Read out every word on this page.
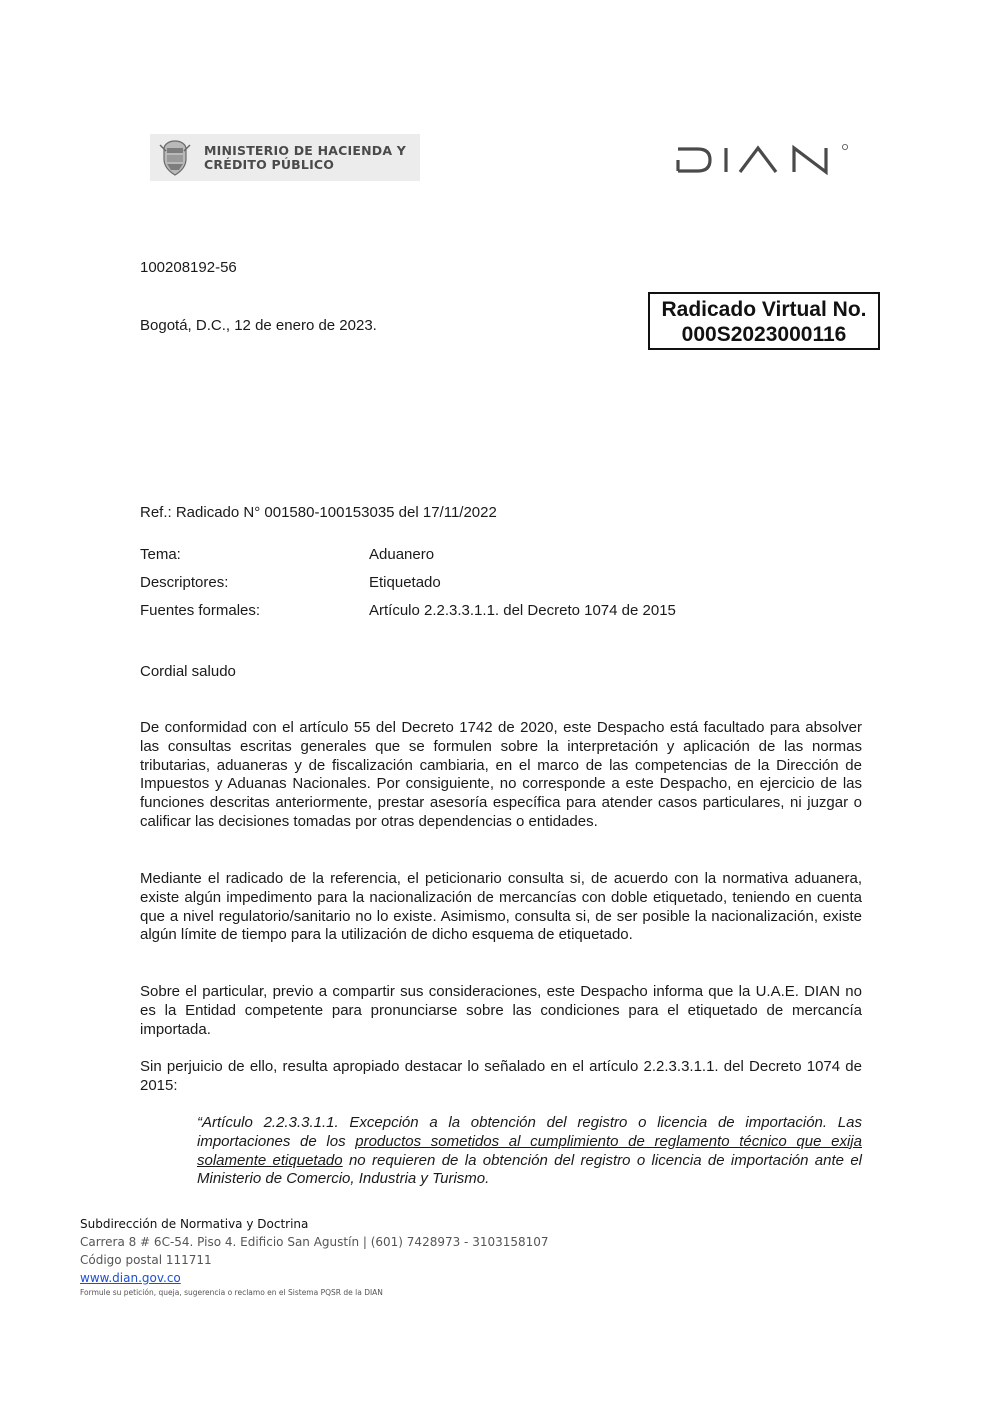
MINISTERIO DE HACIENDA Y
CRÉDITO PÚBLICO
100208192-56
Bogotá, D.C., 12 de enero de 2023.
Radicado Virtual No.
000S2023000116
Ref.: Radicado N° 001580-100153035 del 17/11/2022
Tema:	Aduanero
Descriptores:	Etiquetado
Fuentes formales:	Artículo 2.2.3.3.1.1. del Decreto 1074 de 2015
Cordial saludo

De conformidad con el artículo 55 del Decreto 1742 de 2020, este Despacho está facultado para absolver las consultas escritas generales que se formulen sobre la interpretación y aplicación de las normas tributarias, aduaneras y de fiscalización cambiaria, en el marco de las competencias de la Dirección de Impuestos y Aduanas Nacionales. Por consiguiente, no corresponde a este Despacho, en ejercicio de las funciones descritas anteriormente, prestar asesoría específica para atender casos particulares, ni juzgar o calificar las decisiones tomadas por otras dependencias o entidades.

Mediante el radicado de la referencia, el peticionario consulta si, de acuerdo con la normativa aduanera, existe algún impedimento para la nacionalización de mercancías con doble etiquetado, teniendo en cuenta que a nivel regulatorio/sanitario no lo existe. Asimismo, consulta si, de ser posible la nacionalización, existe algún límite de tiempo para la utilización de dicho esquema de etiquetado.

Sobre el particular, previo a compartir sus consideraciones, este Despacho informa que la U.A.E. DIAN no es la Entidad competente para pronunciarse sobre las condiciones para el etiquetado de mercancía importada.

Sin perjuicio de ello, resulta apropiado destacar lo señalado en el artículo 2.2.3.3.1.1. del Decreto 1074 de 2015:

“Artículo 2.2.3.3.1.1. Excepción a la obtención del registro o licencia de importación. Las importaciones de los productos sometidos al cumplimiento de reglamento técnico que exija solamente etiquetado no requieren de la obtención del registro o licencia de importación ante el Ministerio de Comercio, Industria y Turismo.

Subdirección de Normativa y Doctrina
Carrera 8 # 6C-54. Piso 4. Edificio San Agustín | (601) 7428973 - 3103158107
Código postal 111711
www.dian.gov.co
Formule su petición, queja, sugerencia o reclamo en el Sistema PQSR de la DIAN
